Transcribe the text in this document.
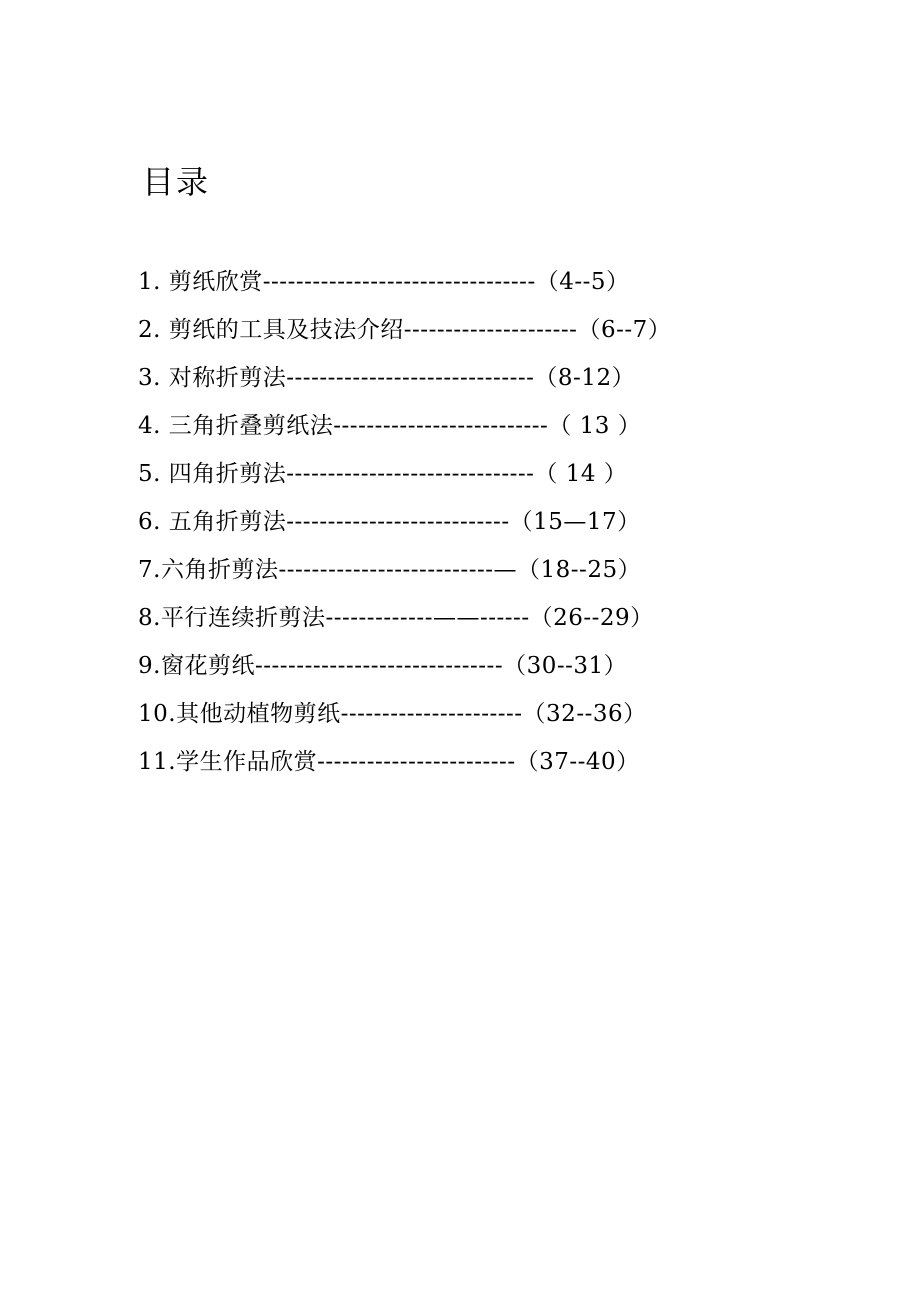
目录
1. 剪纸欣赏---------------------------------（4--5）
2. 剪纸的工具及技法介绍---------------------（6--7）
3. 对称折剪法------------------------------（8-12）
4. 三角折叠剪纸法--------------------------（ 13 ）
5. 四角折剪法------------------------------（ 14 ）
6. 五角折剪法---------------------------（15—17）
7.六角折剪法--------------------------—（18--25）
8.平行连续折剪法-------------——------（26--29）
9.窗花剪纸------------------------------（30--31）
10.其他动植物剪纸----------------------（32--36）
11.学生作品欣赏------------------------（37--40）
